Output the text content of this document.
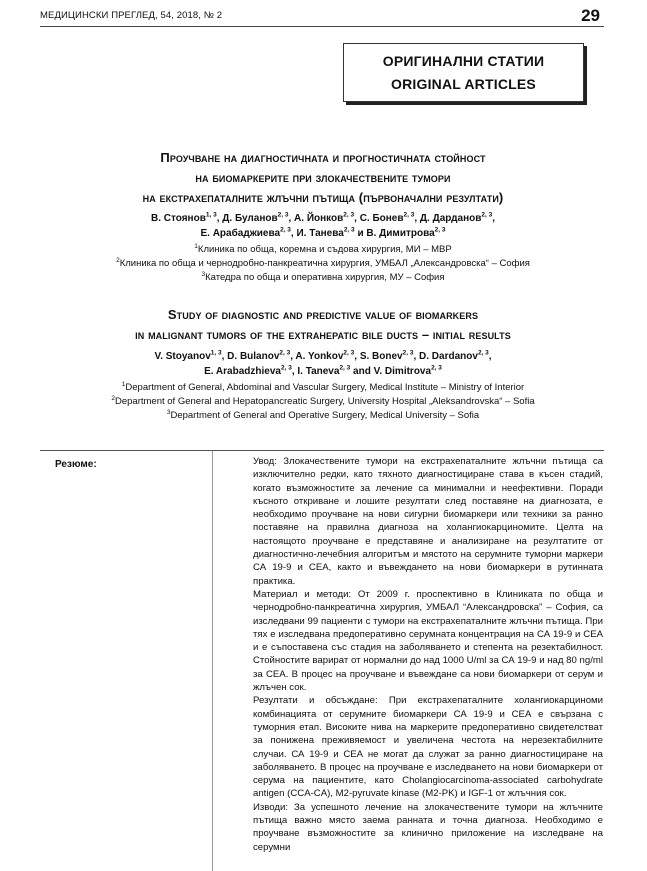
МЕДИЦИНСКИ ПРЕГЛЕД, 54, 2018, № 2	29
ОРИГИНАЛНИ СТАТИИ
ORIGINAL ARTICLES
Проучване на диагностичната и прогностичната стойност
на биомаркерите при злокачествените тумори
на екстрахепаталните жлъчни пътища (първоначални резултати)
В. Стоянов$^{1, 3}$, Д. Буланов$^{2, 3}$, А. Йонков$^{2, 3}$, С. Бонев$^{2, 3}$, Д. Дарданов$^{2, 3}$,
Е. Арабаджиева$^{2, 3}$, И. Танева$^{2, 3}$ и В. Димитрова$^{2, 3}$
$^1$Клиника по обща, коремна и съдова хирургия, МИ – МВР
$^2$Клиника по обща и чернодробно-панкреатична хирургия, УМБАЛ „Александровска“ – София
$^3$Катедра по обща и оперативна хирургия, МУ – София
Study of diagnostic and predictive value of biomarkers
in malignant tumors of the extrahepatic bile ducts – initial results
V. Stoyanov$^{1, 3}$, D. Bulanov$^{2, 3}$, A. Yonkov$^{2, 3}$, S. Bonev$^{2, 3}$, D. Dardanov$^{2, 3}$,
E. Arabadzhieva$^{2, 3}$, I. Taneva$^{2, 3}$ and V. Dimitrova$^{2, 3}$
$^1$Department of General, Abdominal and Vascular Surgery, Medical Institute – Ministry of Interior
$^2$Department of General and Hepatopancreatic Surgery, University Hospital „Aleksandrovska“ – Sofia
$^3$Department of General and Operative Surgery, Medical University – Sofia
Резюме:	Увод: Злокачествените тумори на екстрахепаталните жлъчни пътища са изключително редки, като тяхното диагностициране става в късен стадий, когато възможностите за лечение са минимални и неефективни. Поради късното откриване и лошите резултати след поставяне на диагнозата, е необходимо проучване на нови сигурни биомаркери или техники за ранно поставяне на правилна диагноза на холангиокарциномите. Целта на настоящото проучване е представяне и анализиране на резултатите от диагностично-лечебния алгоритъм и мястото на серумните туморни маркери СА 19-9 и СЕА, както и въвеждането на нови биомаркери в рутинната практика.

Материал и методи: От 2009 г. проспективно в Клиниката по обща и чернодробно-панкреатична хирургия, УМБАЛ “Александровска” – София, са изследвани 99 пациенти с тумори на екстрахепаталните жлъчни пътища. При тях е изследвана предоперативно серумната концентрация на СА 19-9 и СЕА и е съпоставена със стадия на заболяването и степента на резектабилност. Стойностите варират от нормални до над 1000 U/ml за СА 19-9 и над 80 ng/ml за СЕА. В процес на проучване и въвеждане са нови биомаркери от серум и жлъчен сок.

Резултати и обсъждане: При екстрахепаталните холангиокарциноми комбинацията от серумните биомаркери СА 19-9 и СЕА е свързана с туморния етап. Високите нива на маркерите предоперативно свидетелстват за понижена преживяемост и увеличена честота на нерезектабилните случаи. СА 19-9 и СЕА не могат да служат за ранно диагностициране на заболяването. В процес на проучване е изследването на нови биомаркери от серума на пациентите, като Cholangiocarcinoma-associated carbohydrate antigen (CCA-CA), M2-pyruvate kinase (M2-PK) и IGF-1 от жлъчния сок.

Изводи: За успешното лечение на злокачествените тумори на жлъчните пътища важно място заема ранната и точна диагноза. Необходимо е проучване възможностите за клинично приложение на изследване на серумни
